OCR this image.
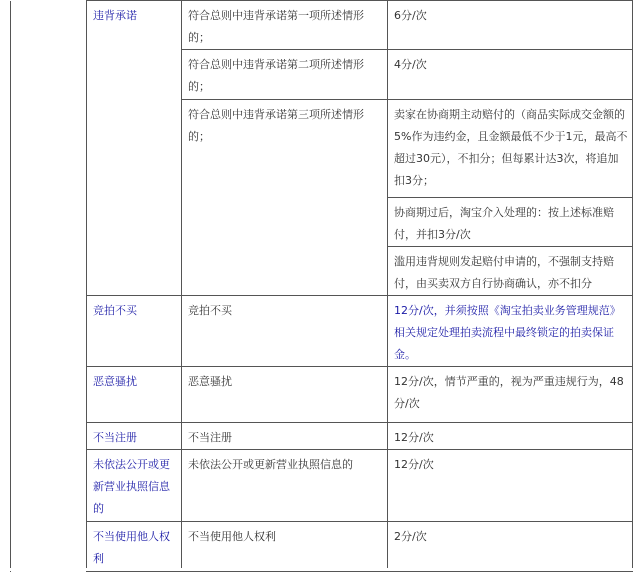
	违背承诺	符合总则中违背承诺第一项所述情形的；	6分/次
		符合总则中违背承诺第二项所述情形的；	4分/次
		符合总则中违背承诺第三项所述情形的；	卖家在协商期主动赔付的（商品实际成交金额的5%作为违约金，且金额最低不少于1元，最高不超过30元），不扣分；但每累计达3次，将追加扣3分；
			协商期过后，淘宝介入处理的：按上述标准赔付，并扣3分/次
			滥用违背规则发起赔付申请的，不强制支持赔付，由买卖双方自行协商确认，亦不扣分
	竞拍不买	竞拍不买	12分/次，并须按照《淘宝拍卖业务管理规范》相关规定处理拍卖流程中最终锁定的拍卖保证金。
	恶意骚扰	恶意骚扰	12分/次，情节严重的，视为严重违规行为，48分/次
	不当注册	不当注册	12分/次
	未依法公开或更新营业执照信息的	未依法公开或更新营业执照信息的	12分/次
	不当使用他人权利	不当使用他人权利	2分/次
